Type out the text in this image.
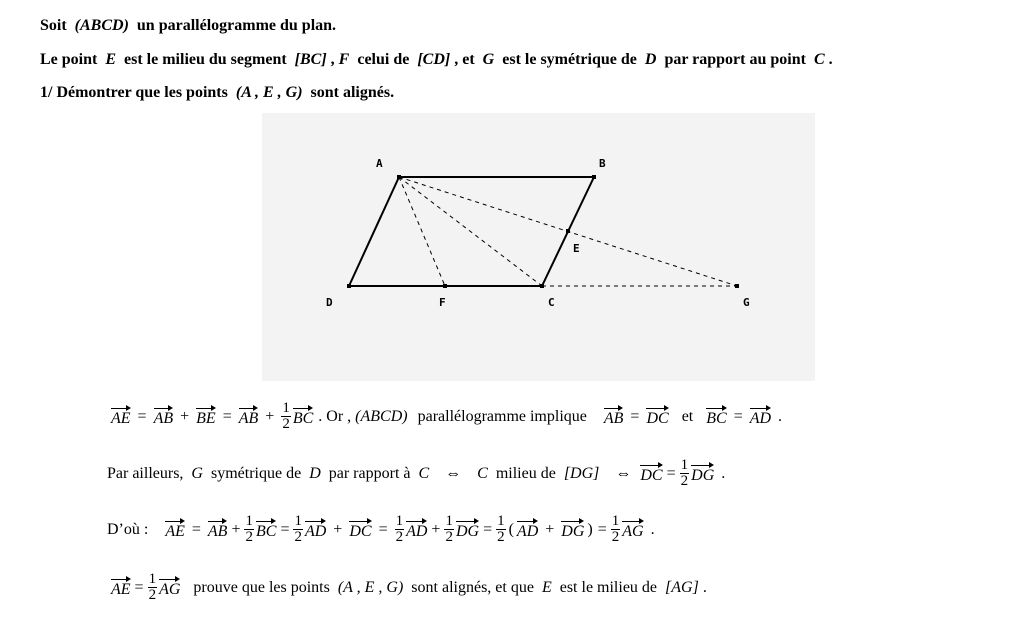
Soit (ABCD) un parallélogramme du plan.
Le point E est le milieu du segment [BC] , F celui de [CD] , et G est le symétrique de D par rapport au point C .
1/ Démontrer que les points (A , E , G) sont alignés.
A	B
E
D	F	C	G
AE = AB + BE = AB + $\frac{1}{2}$ BC . Or , (ABCD) parallélogramme implique AB = DC et BC = AD .
Par ailleurs, G symétrique de D par rapport à C ⇔ C milieu de [DG] ⇔ DC = $\frac{1}{2}$ DG .
D’où : AE = AB + $\frac{1}{2}$ BC = $\frac{1}{2}$ AD + DC = $\frac{1}{2}$ AD + $\frac{1}{2}$ DG = $\frac{1}{2}$ ( AD + DG ) = $\frac{1}{2}$ AG .
AE = $\frac{1}{2}$ AG prouve que les points (A , E , G) sont alignés, et que E est le milieu de [AG] .
